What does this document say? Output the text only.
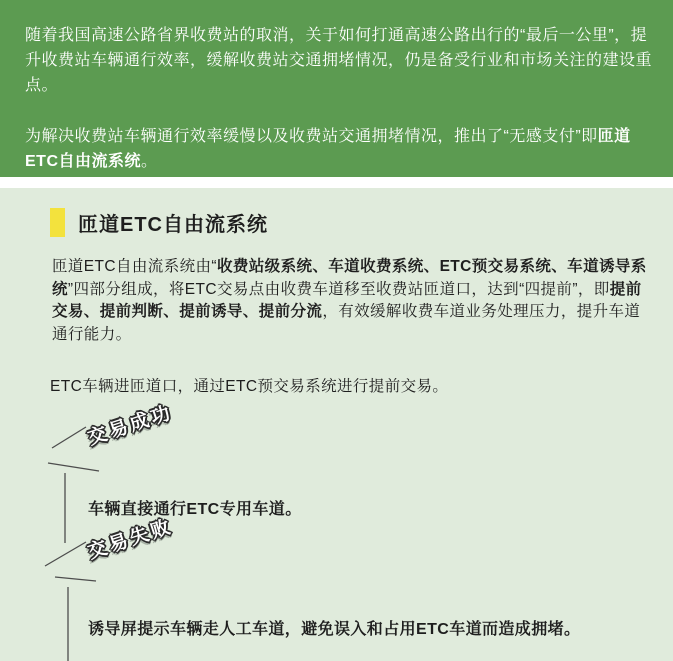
随着我国高速公路省界收费站的取消，关于如何打通高速公路出行的“最后一公里”，提升收费站车辆通行效率，缓解收费站交通拥堵情况，仍是备受行业和市场关注的建设重点。

为解决收费站车辆通行效率缓慢以及收费站交通拥堵情况，推出了“无感支付”即匝道ETC自由流系统。

匝道ETC自由流系统

匝道ETC自由流系统由“收费站级系统、车道收费系统、ETC预交易系统、车道诱导系统”四部分组成，将ETC交易点由收费车道移至收费站匝道口，达到“四提前”，即提前交易、提前判断、提前诱导、提前分流，有效缓解收费车道业务处理压力，提升车道通行能力。

ETC车辆进匝道口，通过ETC预交易系统进行提前交易。

交易成功
车辆直接通行ETC专用车道。
交易失败
诱导屏提示车辆走人工车道，避免误入和占用ETC车道而造成拥堵。
